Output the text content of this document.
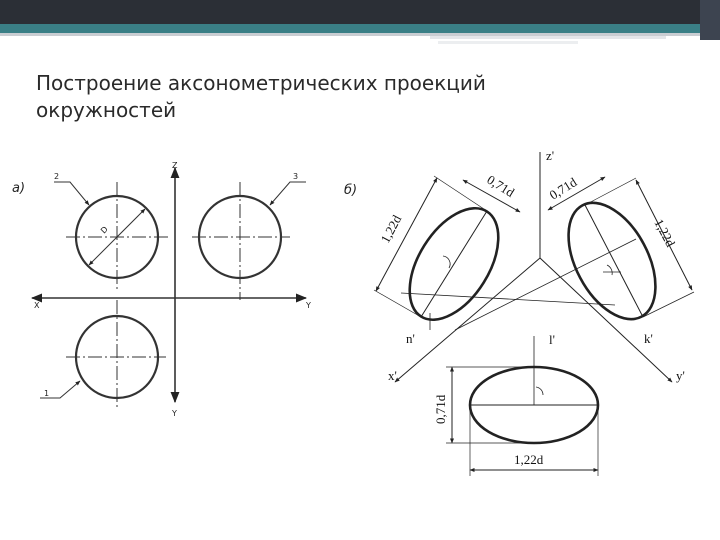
Построение аксонометрических проекций
окружностей
а)
X	Y
Z
Y
D
2	3
1
б)
z'
x'	y'
1,22d
0,71d
1,22d
0,71d
k'
n'	l'
1,22d
0,71d
